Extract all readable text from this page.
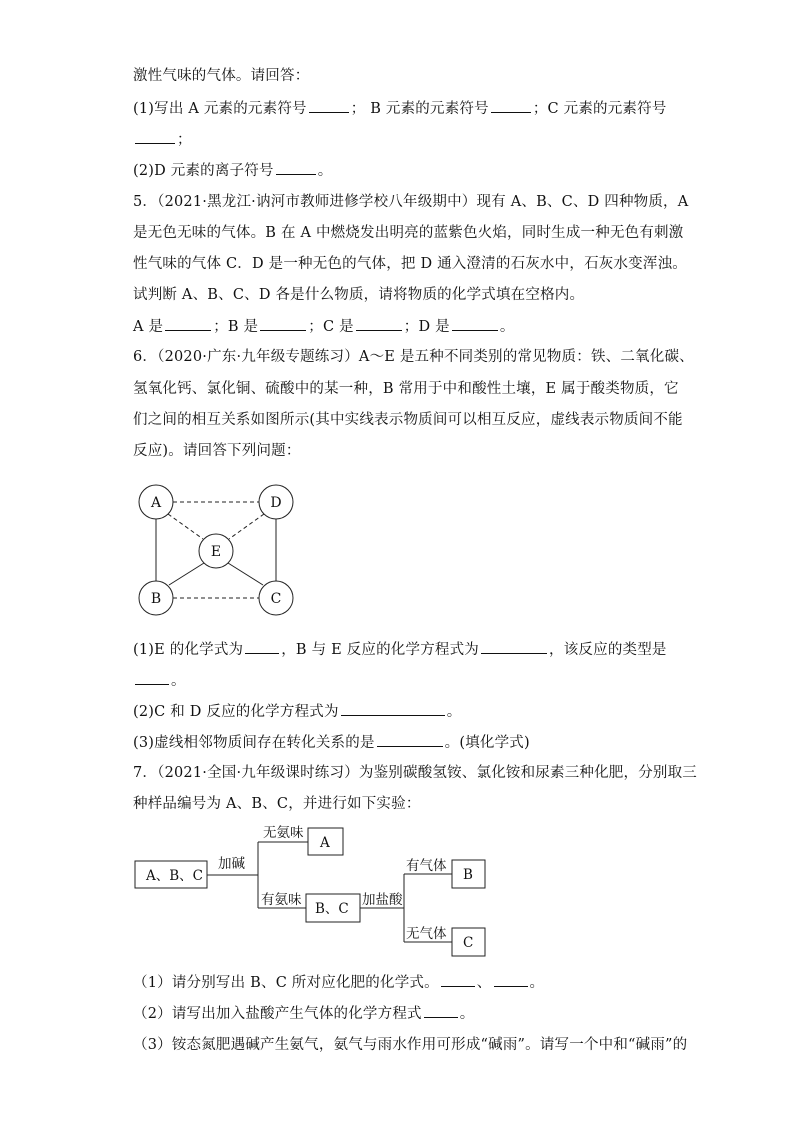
激性气味的气体。请回答：
(1)写出 A 元素的元素符号	； B 元素的元素符号	；C 元素的元素符号
；
(2)D 元素的离子符号	。
5．（2021·黑龙江·讷河市教师进修学校八年级期中）现有 A、B、C、D 四种物质，A
是无色无味的气体。B 在 A 中燃烧发出明亮的蓝紫色火焰，同时生成一种无色有刺激
性气味的气体 C．D 是一种无色的气体，把 D 通入澄清的石灰水中，石灰水变浑浊。
试判断 A、B、C、D 各是什么物质，请将物质的化学式填在空格内。
A 是	；B 是	；C 是	；D 是	。
6．（2020·广东·九年级专题练习）A～E 是五种不同类别的常见物质：铁、二氧化碳、
氢氧化钙、氯化铜、硫酸中的某一种，B 常用于中和酸性土壤，E 属于酸类物质，它
们之间的相互关系如图所示(其中实线表示物质间可以相互反应，虚线表示物质间不能
反应)。请回答下列问题：
A	D
E
B	C
(1)E 的化学式为	，B 与 E 反应的化学方程式为	，该反应的类型是
。
(2)C 和 D 反应的化学方程式为	。
(3)虚线相邻物质间存在转化关系的是	。(填化学式)
7．（2021·全国·九年级课时练习）为鉴别碳酸氢铵、氯化铵和尿素三种化肥，分别取三
种样品编号为 A、B、C，并进行如下实验：
A、B、C
加碱
无氨味
有氨味
A
B、C
加盐酸
有气体
无气体
B
C
（1）请分别写出 B、C 所对应化肥的化学式。	、	。
（2）请写出加入盐酸产生气体的化学方程式	。
（3）铵态氮肥遇碱产生氨气，氨气与雨水作用可形成“碱雨”。请写一个中和“碱雨”的
